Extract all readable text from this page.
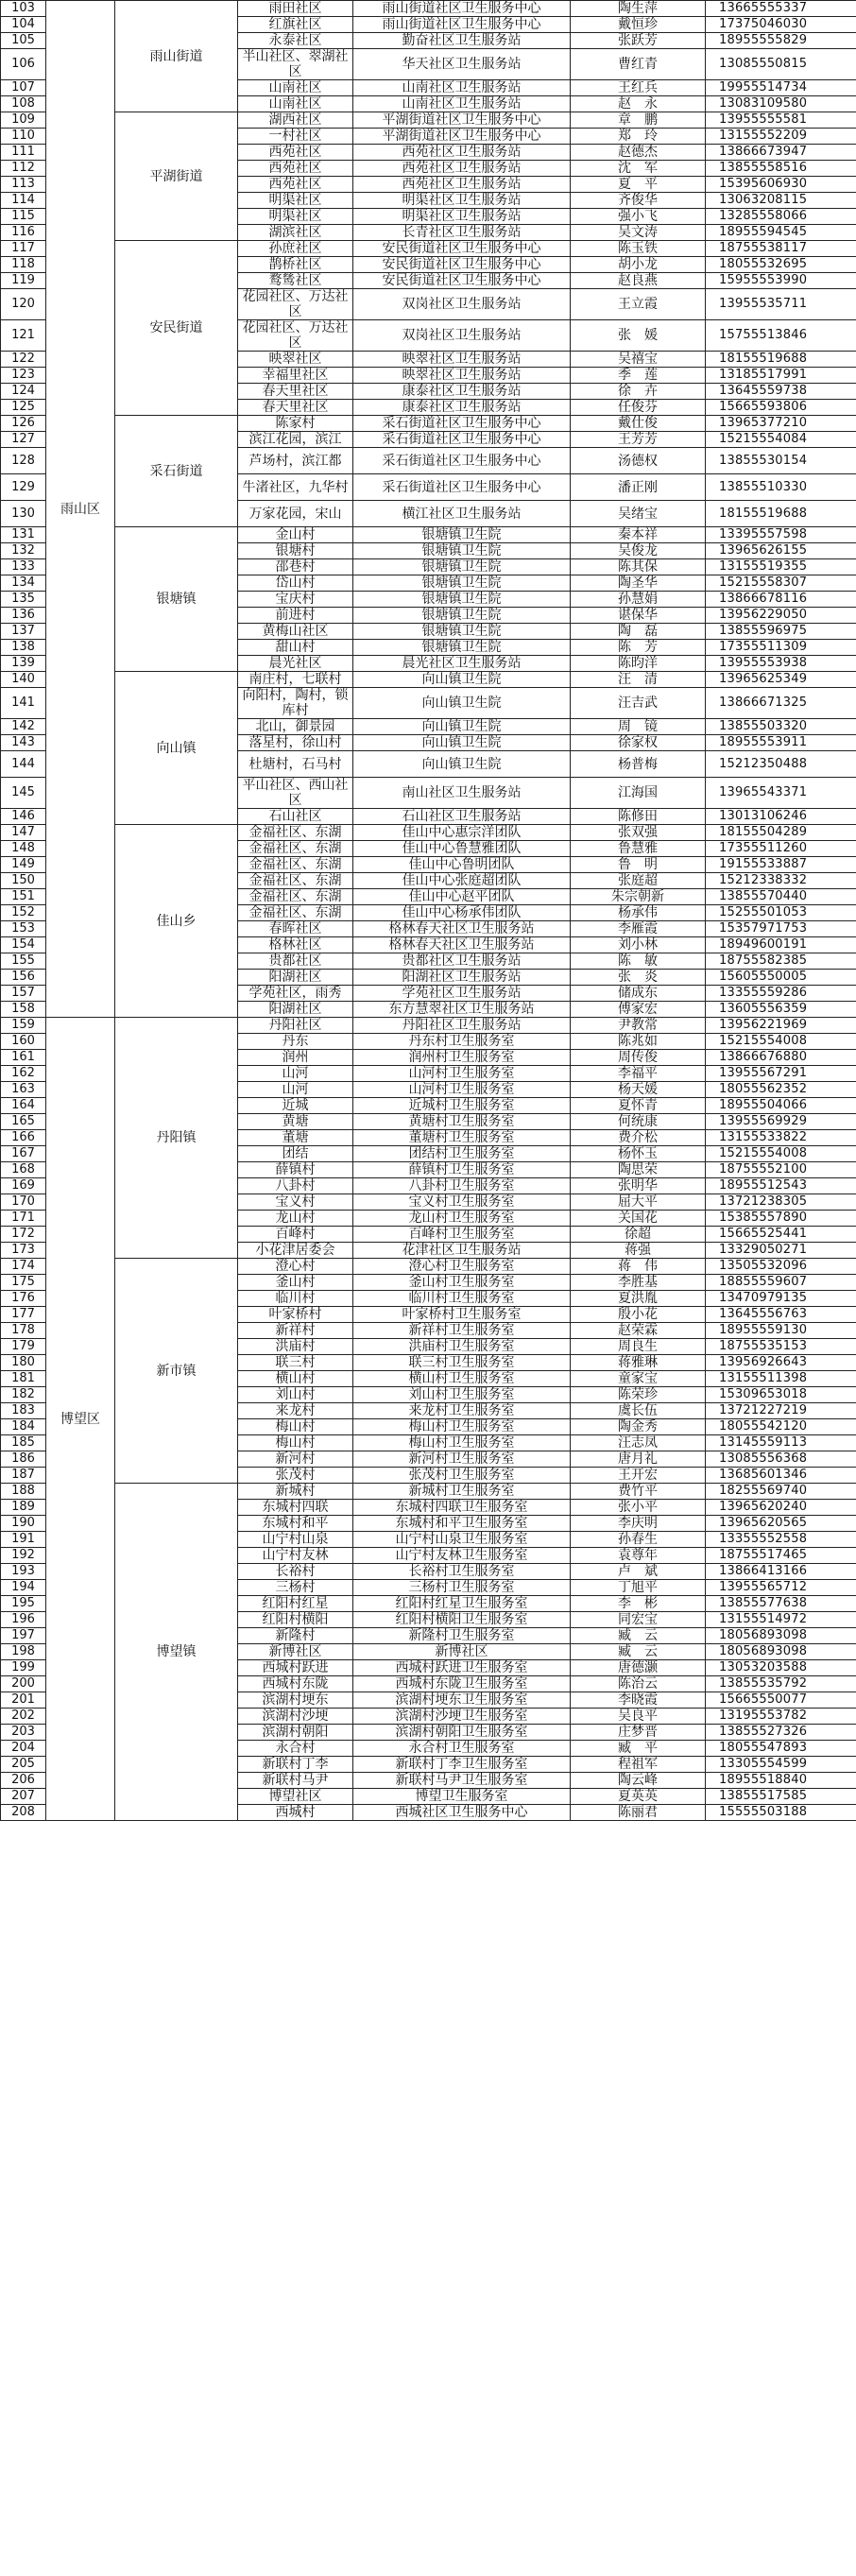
103	雨山区	雨山街道	雨田社区	雨山街道社区卫生服务中心	陶生萍	13665555337
104			红旗社区	雨山街道社区卫生服务中心	戴恒珍	17375046030
105			永泰社区	勤奋社区卫生服务站	张跃芳	18955555829
106			半山社区、翠湖社区	华天社区卫生服务站	曹红青	13085550815
107			山南社区	山南社区卫生服务站	王红兵	19955514734
108			山南社区	山南社区卫生服务站	赵　永	13083109580
109		平湖街道	湖西社区	平湖街道社区卫生服务中心	章　鹏	13955555581
110			一村社区	平湖街道社区卫生服务中心	郑　玲	13155552209
111			西苑社区	西苑社区卫生服务站	赵德杰	13866673947
112			西苑社区	西苑社区卫生服务站	沈　军	13855558516
113			西苑社区	西苑社区卫生服务站	夏　平	15395606930
114			明渠社区	明渠社区卫生服务站	齐俊华	13063208115
115			明渠社区	明渠社区卫生服务站	强小飞	13285558066
116			湖滨社区	长青社区卫生服务站	吴文涛	18955594545
117		安民街道	孙庶社区	安民街道社区卫生服务中心	陈玉铁	18755538117
118			鹊桥社区	安民街道社区卫生服务中心	胡小龙	18055532695
119			鹜鸶社区	安民街道社区卫生服务中心	赵良燕	15955553990
120			花园社区、万达社区	双岗社区卫生服务站	王立霞	13955535711
121			花园社区、万达社区	双岗社区卫生服务站	张　媛	15755513846
122			映翠社区	映翠社区卫生服务站	吴禧宝	18155519688
123			幸福里社区	映翠社区卫生服务站	季　莲	13185517991
124			春天里社区	康泰社区卫生服务站	徐　卉	13645559738
125			春天里社区	康泰社区卫生服务站	任俊芬	15665593806
126		采石街道	陈家村	采石街道社区卫生服务中心	戴仕俊	13965377210
127			滨江花园，滨江	采石街道社区卫生服务中心	王芳芳	15215554084
128			芦场村，滨江都	采石街道社区卫生服务中心	汤德权	13855530154
129			牛渚社区，九华村	采石街道社区卫生服务中心	潘正刚	13855510330
130			万家花园，宋山	横江社区卫生服务站	吴绪宝	18155519688
131		银塘镇	金山村	银塘镇卫生院	秦本祥	13395557598
132			银塘村	银塘镇卫生院	吴俊龙	13965626155
133			邵巷村	银塘镇卫生院	陈其保	13155519355
134			岱山村	银塘镇卫生院	陶圣华	15215558307
135			宝庆村	银塘镇卫生院	孙慧娟	13866678116
136			前进村	银塘镇卫生院	谌保华	13956229050
137			黄梅山社区	银塘镇卫生院	陶　磊	13855596975
138			甜山村	银塘镇卫生院	陈　芳	17355511309
139			晨光社区	晨光社区卫生服务站	陈昀洋	13955553938
140		向山镇	南庄村，七联村	向山镇卫生院	汪　清	13965625349
141			向阳村，陶村，锁库村	向山镇卫生院	汪吉武	13866671325
142			北山，御景园	向山镇卫生院	周　镜	13855503320
143			落星村，徐山村	向山镇卫生院	徐家权	18955553911
144			杜塘村，石马村	向山镇卫生院	杨普梅	15212350488
145			平山社区、西山社区	南山社区卫生服务站	江海国	13965543371
146			石山社区	石山社区卫生服务站	陈修田	13013106246
147		佳山乡	金福社区、东湖	佳山中心惠宗洋团队	张双强	18155504289
148			金福社区、东湖	佳山中心鲁慧雅团队	鲁慧雅	17355511260
149			金福社区、东湖	佳山中心鲁明团队	鲁　明	19155533887
150			金福社区、东湖	佳山中心张庭超团队	张庭超	15212338332
151			金福社区、东湖	佳山中心赵平团队	朱宗朝新	13855570440
152			金福社区、东湖	佳山中心杨承伟团队	杨承伟	15255501053
153			春晖社区	格林春天社区卫生服务站	李雁霞	15357971753
154			格林社区	格林春天社区卫生服务站	刘小林	18949600191
155			贵都社区	贵都社区卫生服务站	陈　敏	18755582385
156			阳湖社区	阳湖社区卫生服务站	张　炎	15605550005
157			学苑社区，雨秀	学苑社区卫生服务站	储成东	13355559286
158			阳湖社区	东方慧翠社区卫生服务站	傅家宏	13605556359
159	博望区	丹阳镇	丹阳社区	丹阳社区卫生服务站	尹教常	13956221969
160			丹东	丹东村卫生服务室	陈兆如	15215554008
161			润州	润州村卫生服务室	周传俊	13866676880
162			山河	山河村卫生服务室	李福平	13955567291
163			山河	山河村卫生服务室	杨天媛	18055562352
164			近城	近城村卫生服务室	夏怀青	18955504066
165			黄塘	黄塘村卫生服务室	何统康	13955569929
166			董塘	董塘村卫生服务室	费介松	13155533822
167			团结	团结村卫生服务室	杨怀玉	15215554008
168			薛镇村	薛镇村卫生服务室	陶思荣	18755552100
169			八卦村	八卦村卫生服务室	张明华	18955512543
170			宝义村	宝义村卫生服务室	屈大平	13721238305
171			龙山村	龙山村卫生服务室	关国花	15385557890
172			百峰村	百峰村卫生服务室	徐超	15665525441
173			小花津居委会	花津社区卫生服务站	蒋强	13329050271
174		新市镇	澄心村	澄心村卫生服务室	蒋　伟	13505532096
175			釜山村	釜山村卫生服务室	李胜基	18855559607
176			临川村	临川村卫生服务室	夏洪胤	13470979135
177			叶家桥村	叶家桥村卫生服务室	殷小花	13645556763
178			新祥村	新祥村卫生服务室	赵荣霖	18955559130
179			洪庙村	洪庙村卫生服务室	周良生	18755535153
180			联三村	联三村卫生服务室	蒋雅琳	13956926643
181			横山村	横山村卫生服务室	童家宝	13155511398
182			刘山村	刘山村卫生服务室	陈荣珍	15309653018
183			来龙村	来龙村卫生服务室	虞长伍	13721227219
184			梅山村	梅山村卫生服务室	陶金秀	18055542120
185			梅山村	梅山村卫生服务室	汪志凤	13145559113
186			新河村	新河村卫生服务室	唐月礼	13085556368
187			张茂村	张茂村卫生服务室	王开宏	13685601346
188		博望镇	新城村	新城村卫生服务室	费竹平	18255569740
189			东城村四联	东城村四联卫生服务室	张小平	13965620240
190			东城村和平	东城村和平卫生服务室	李庆明	13965620565
191			山宁村山泉	山宁村山泉卫生服务室	孙春生	13355552558
192			山宁村友林	山宁村友林卫生服务室	袁尊年	18755517465
193			长裕村	长裕村卫生服务室	卢　斌	13866413166
194			三杨村	三杨村卫生服务室	丁旭平	13955565712
195			红阳村红星	红阳村红星卫生服务室	李　彬	13855577638
196			红阳村横阳	红阳村横阳卫生服务室	同宏宝	13155514972
197			新隆村	新隆村卫生服务室	臧　云	18056893098
198			新博社区	新博社区	臧　云	18056893098
199			西城村跃进	西城村跃进卫生服务室	唐德灏	13053203588
200			西城村东陇	西城村东陇卫生服务室	陈治云	13855535792
201			滨湖村埂东	滨湖村埂东卫生服务室	李晓霞	15665550077
202			滨湖村沙埂	滨湖村沙埂卫生服务室	吴良平	13195553782
203			滨湖村朝阳	滨湖村朝阳卫生服务室	庄梦晋	13855527326
204			永合村	永合村卫生服务室	臧　平	18055547893
205			新联村丁李	新联村丁李卫生服务室	程祖军	13305554599
206			新联村马尹	新联村马尹卫生服务室	陶云峰	18955518840
207			博望社区	博望卫生服务室	夏英英	13855517585
208			西城村	西城社区卫生服务中心	陈丽君	15555503188
